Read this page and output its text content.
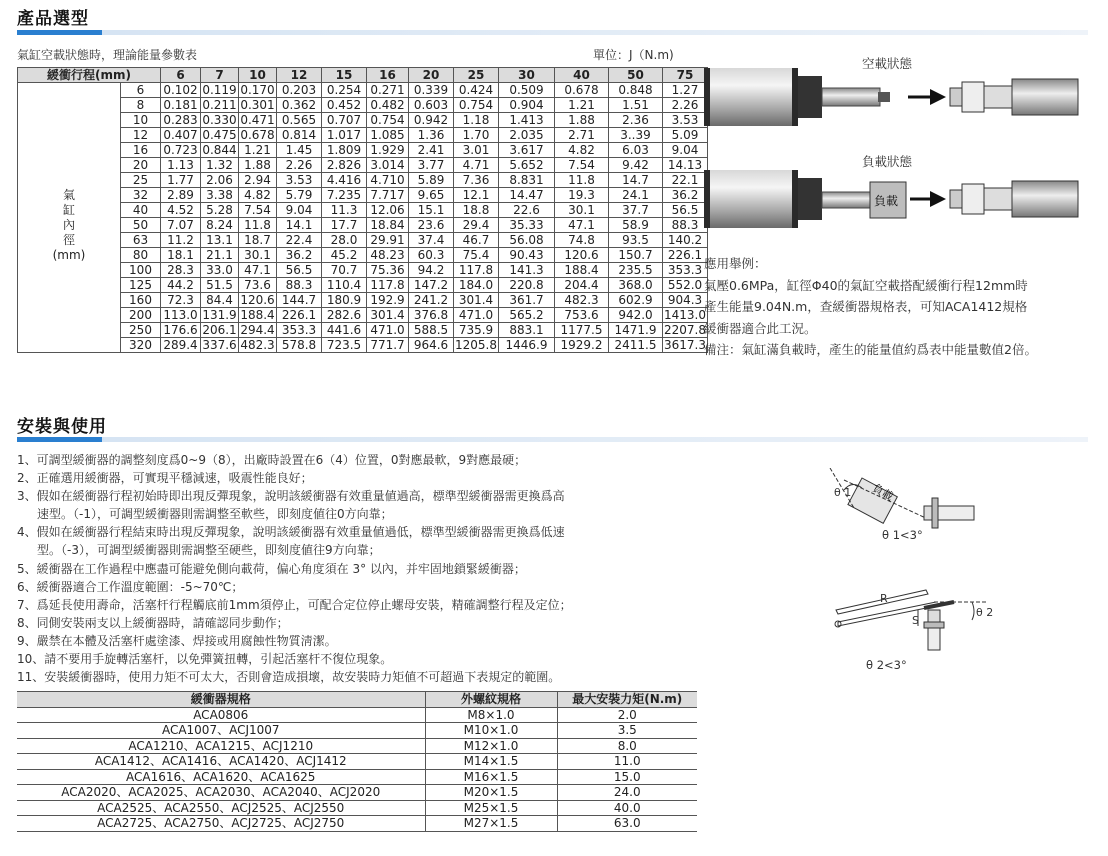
產品選型
氣缸空載狀態時，理論能量參數表	單位：J（N.m)
緩衝行程(mm)		6	7	10	12	15	16	20	25	30	40	50	75
	6	0.102	0.119	0.170	0.203	0.254	0.271	0.339	0.424	0.509	0.678	0.848	1.27
	8	0.181	0.211	0.301	0.362	0.452	0.482	0.603	0.754	0.904	1.21	1.51	2.26
	10	0.283	0.330	0.471	0.565	0.707	0.754	0.942	1.18	1.413	1.88	2.36	3.53
	12	0.407	0.475	0.678	0.814	1.017	1.085	1.36	1.70	2.035	2.71	3..39	5.09
	16	0.723	0.844	1.21	1.45	1.809	1.929	2.41	3.01	3.617	4.82	6.03	9.04
	20	1.13	1.32	1.88	2.26	2.826	3.014	3.77	4.71	5.652	7.54	9.42	14.13
	25	1.77	2.06	2.94	3.53	4.416	4.710	5.89	7.36	8.831	11.8	14.7	22.1
氣	32	2.89	3.38	4.82	5.79	7.235	7.717	9.65	12.1	14.47	19.3	24.1	36.2
缸	40	4.52	5.28	7.54	9.04	11.3	12.06	15.1	18.8	22.6	30.1	37.7	56.5
內	50	7.07	8.24	11.8	14.1	17.7	18.84	23.6	29.4	35.33	47.1	58.9	88.3
徑	63	11.2	13.1	18.7	22.4	28.0	29.91	37.4	46.7	56.08	74.8	93.5	140.2
(mm)	80	18.1	21.1	30.1	36.2	45.2	48.23	60.3	75.4	90.43	120.6	150.7	226.1
	100	28.3	33.0	47.1	56.5	70.7	75.36	94.2	117.8	141.3	188.4	235.5	353.3
	125	44.2	51.5	73.6	88.3	110.4	117.8	147.2	184.0	220.8	204.4	368.0	552.0
	160	72.3	84.4	120.6	144.7	180.9	192.9	241.2	301.4	361.7	482.3	602.9	904.3
	200	113.0	131.9	188.4	226.1	282.6	301.4	376.8	471.0	565.2	753.6	942.0	1413.0
	250	176.6	206.1	294.4	353.3	441.6	471.0	588.5	735.9	883.1	1177.5	1471.9	2207.8
	320	289.4	337.6	482.3	578.8	723.5	771.7	964.6	1205.8	1446.9	1929.2	2411.5	3617.3
空載狀態
負載狀態
負載
應用舉例：
氣壓0.6MPa，缸徑Φ40的氣缸空載搭配緩衝行程12mm時
產生能量9.04N.m，查緩衝器規格表，可知ACA1412規格
緩衝器適合此工況。
備注：氣缸滿負載時，產生的能量值約爲表中能量數值2倍。
安裝與使用
1、可調型緩衝器的調整刻度爲0~9（8），出廠時設置在6（4）位置，0對應最軟，9對應最硬；
2、正確選用緩衝器，可實現平穩減速，吸震性能良好；
3、假如在緩衝器行程初始時即出現反彈現象，說明該緩衝器有效重量値過高，標準型緩衝器需更換爲高
速型。（-1），可調型緩衝器則需調整至軟些，即刻度値往0方向靠；
4、假如在緩衝器行程結束時出現反彈現象，說明該緩衝器有效重量値過低，標準型緩衝器需更換爲低速
型。（-3），可調型緩衝器則需調整至硬些，即刻度値往9方向靠；
5、緩衝器在工作過程中應盡可能避免側向載荷，偏心角度須在 3° 以內，并牢固地鎖緊緩衝器；
6、緩衝器適合工作溫度範圍：-5~70℃；
7、爲延長使用壽命，活塞杆行程觸底前1mm須停止，可配合定位停止螺母安裝，精確調整行程及定位；
8、同側安裝兩支以上緩衝器時，請確認同步動作；
9、嚴禁在本體及活塞杆處塗漆、焊接或用腐蝕性物質淸潔。
10、請不要用手旋轉活塞杆，以免彈簧扭轉，引起活塞杆不復位現象。
11、安裝緩衝器時，使用力矩不可太大，否則會造成損壞，故安裝時力矩値不可超過下表規定的範圍。
緩衝器規格	外螺紋規格	最大安裝力矩(N.m)
ACA0806	M8×1.0	2.0
ACA1007、ACJ1007	M10×1.0	3.5
ACA1210、ACA1215、ACJ1210	M12×1.0	8.0
ACA1412、ACA1416、ACA1420、ACJ1412	M14×1.5	11.0
ACA1616、ACA1620、ACA1625	M16×1.5	15.0
ACA2020、ACA2025、ACA2030、ACA2040、ACJ2020	M20×1.5	24.0
ACA2525、ACA2550、ACJ2525、ACJ2550	M25×1.5	40.0
ACA2725、ACA2750、ACJ2725、ACJ2750	M27×1.5	63.0
θ 1 負載
θ 1<3°
R
S
θ 2
θ 2<3°
